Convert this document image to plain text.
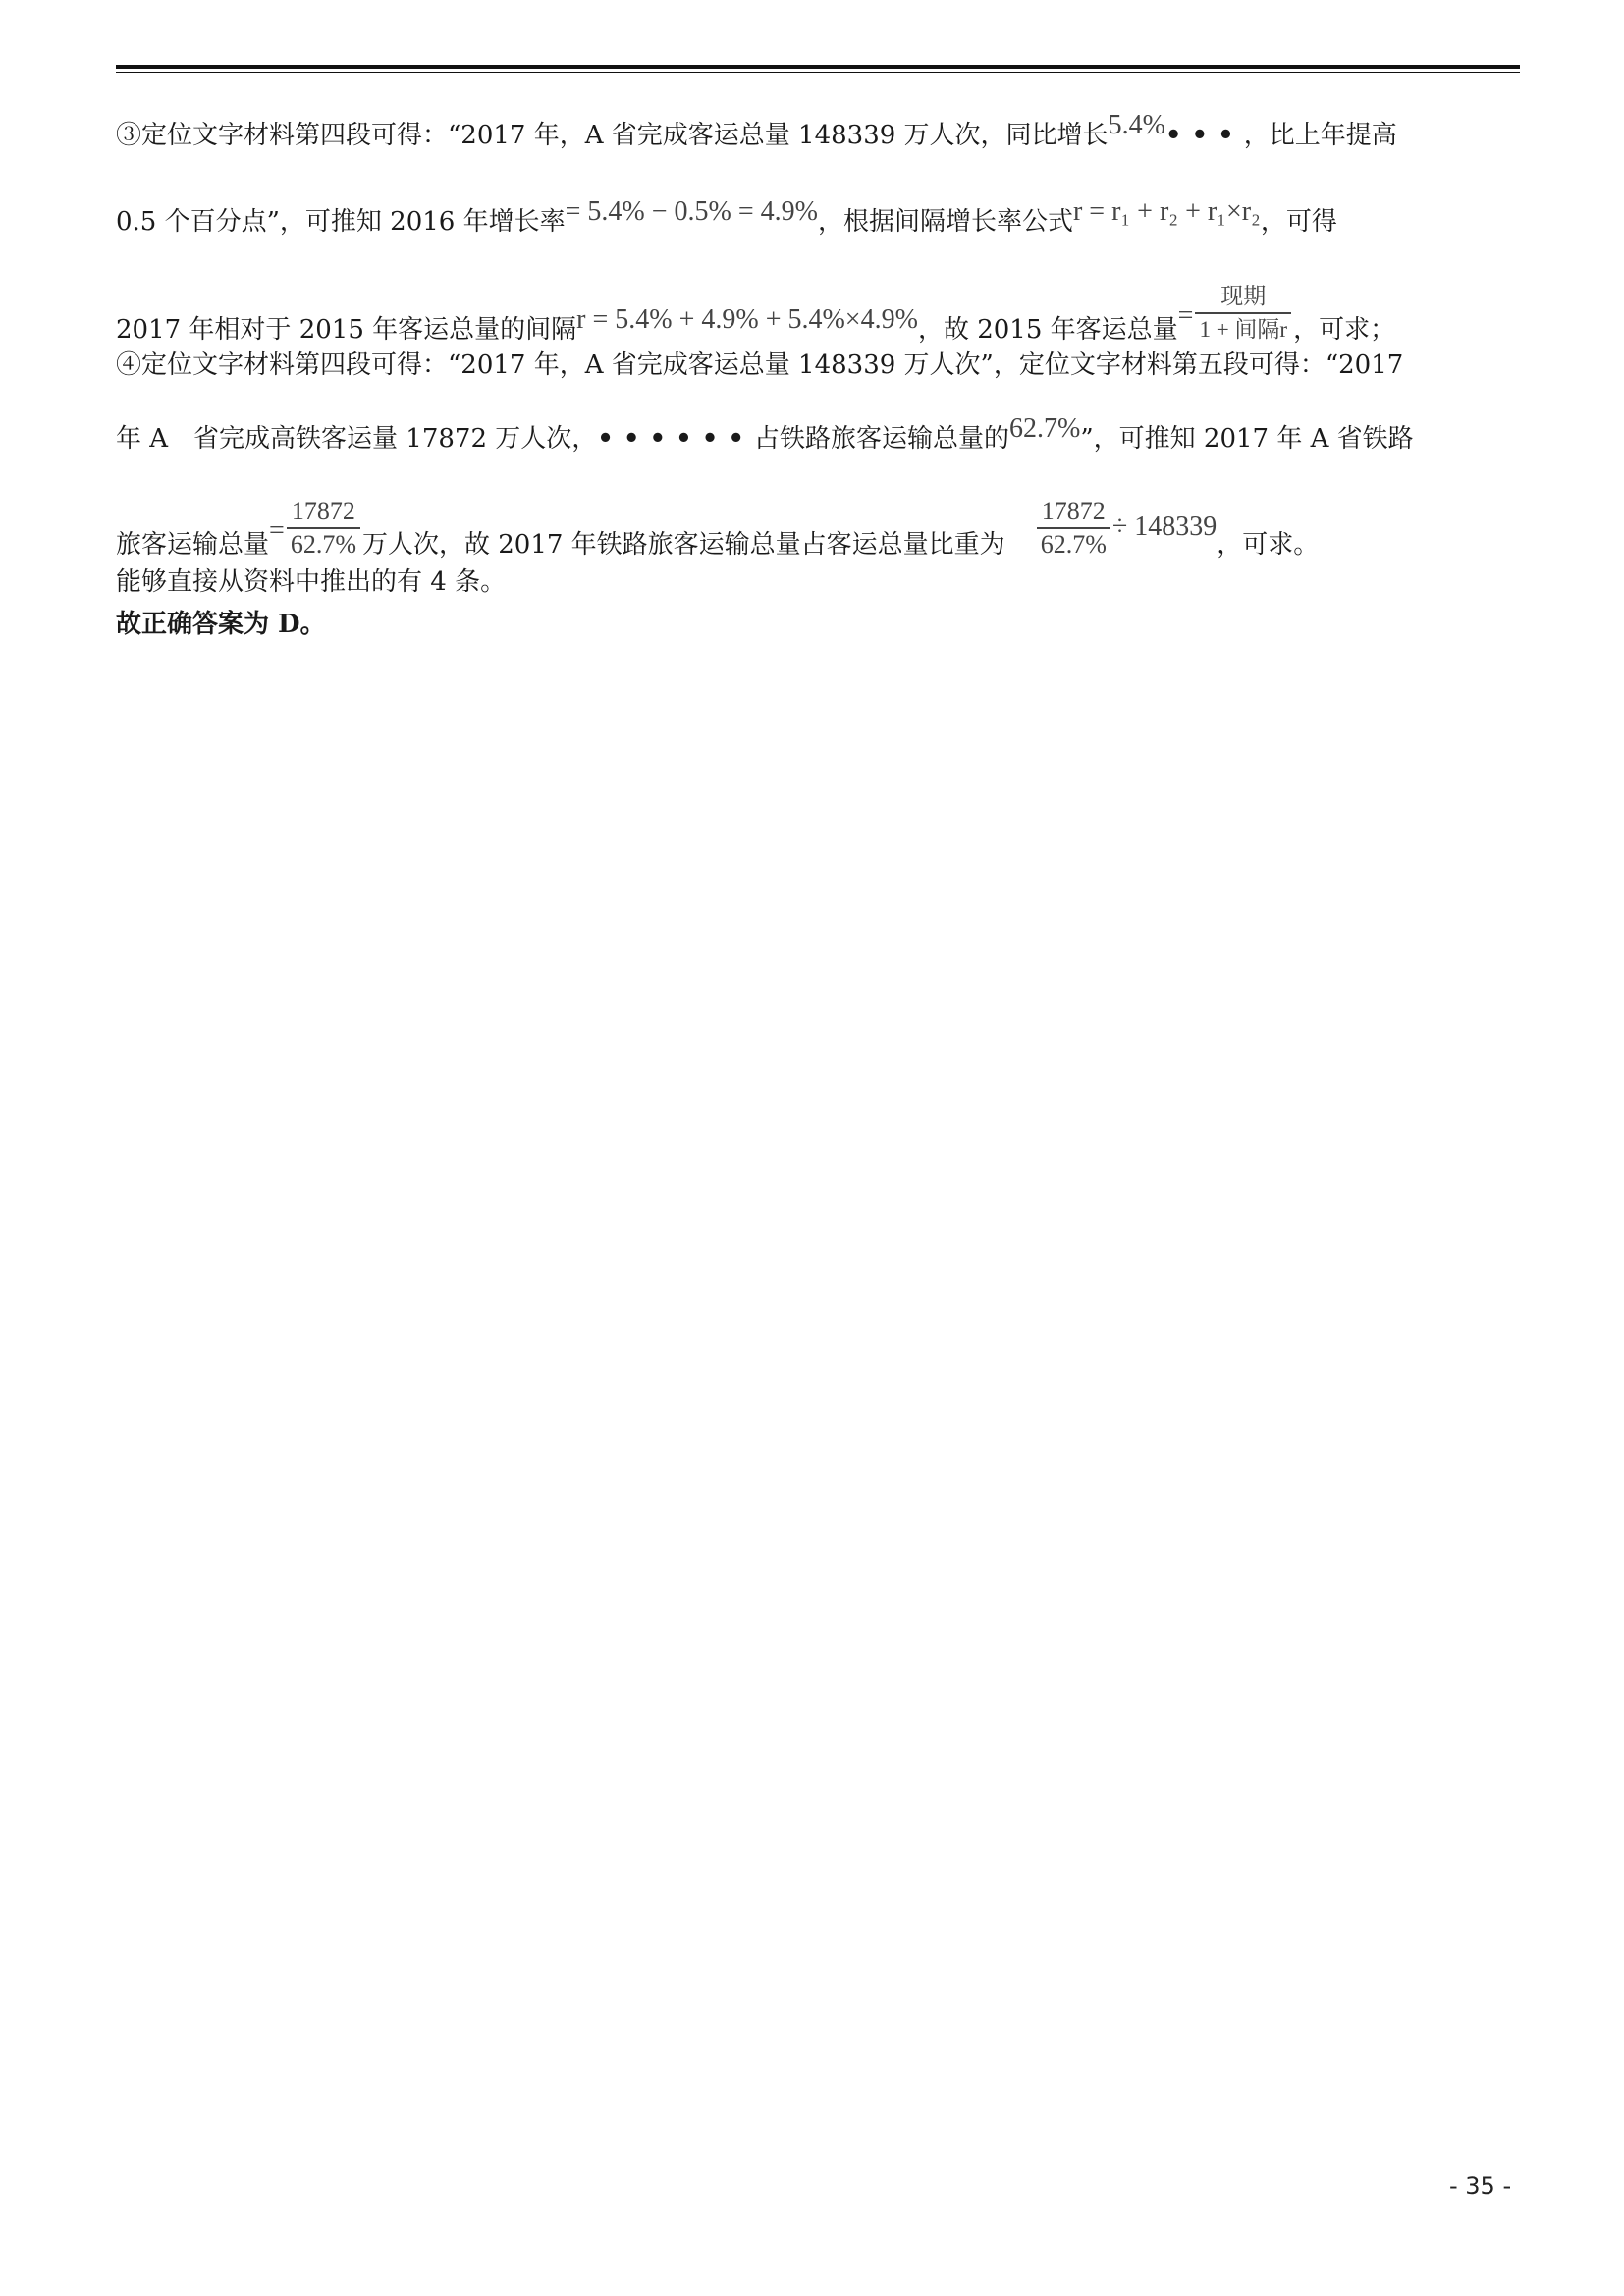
③定位文字材料第四段可得：“2017 年，A 省完成客运总量 148339 万人次，同比增长5.4%•••，比上年提高
0.5 个百分点”，可推知 2016 年增长率= 5.4% − 0.5% = 4.9%，根据间隔增长率公式r = r₁ + r₂ + r₁×r₂，可得
2017 年相对于 2015 年客运总量的间隔r = 5.4% + 4.9% + 5.4%×4.9%，故 2015 年客运总量= $\frac{\text{现期}}{\text{1 + 间隔r}}$ ，可求；
④定位文字材料第四段可得：“2017 年，A 省完成客运总量 148339 万人次”，定位文字材料第五段可得：“2017
年 A　省完成高铁客运量 17872 万人次，••••••占铁路旅客运输总量的62.7%”，可推知 2017 年 A 省铁路
旅客运输总量= $\frac{17872}{62.7\%}$ 万人次，故 2017 年铁路旅客运输总量占客运总量比重为 $\frac{17872}{62.7\%} \div 148339$，可求。
能够直接从资料中推出的有 4 条。
故正确答案为 D。
- 35 -
